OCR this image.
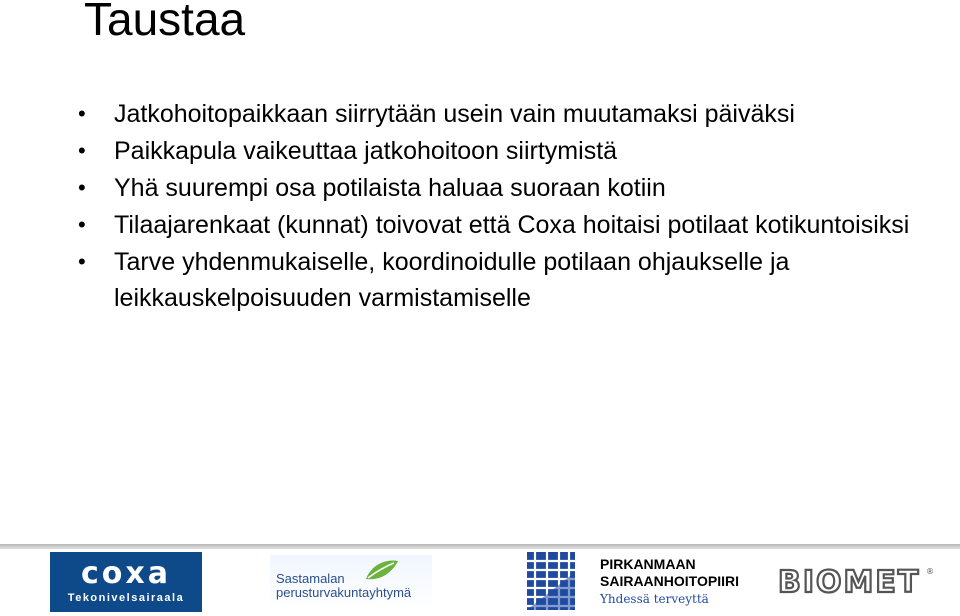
Taustaa
• Jatkohoitopaikkaan siirrytään usein vain muutamaksi päiväksi
• Paikkapula vaikeuttaa jatkohoitoon siirtymistä
• Yhä suurempi osa potilaista haluaa suoraan kotiin
• Tilaajarenkaat (kunnat) toivovat että Coxa hoitaisi potilaat kotikuntoisiksi
• Tarve yhdenmukaiselle, koordinoidulle potilaan ohjaukselle ja leikkauskelpoisuuden varmistamiselle
coxa
Tekonivelsairaala
Sastamalan
perusturvakuntayhtymä
PIRKANMAAN
SAIRAANHOITOPIIRI
Yhdessä terveyttä	BIOMET ®
